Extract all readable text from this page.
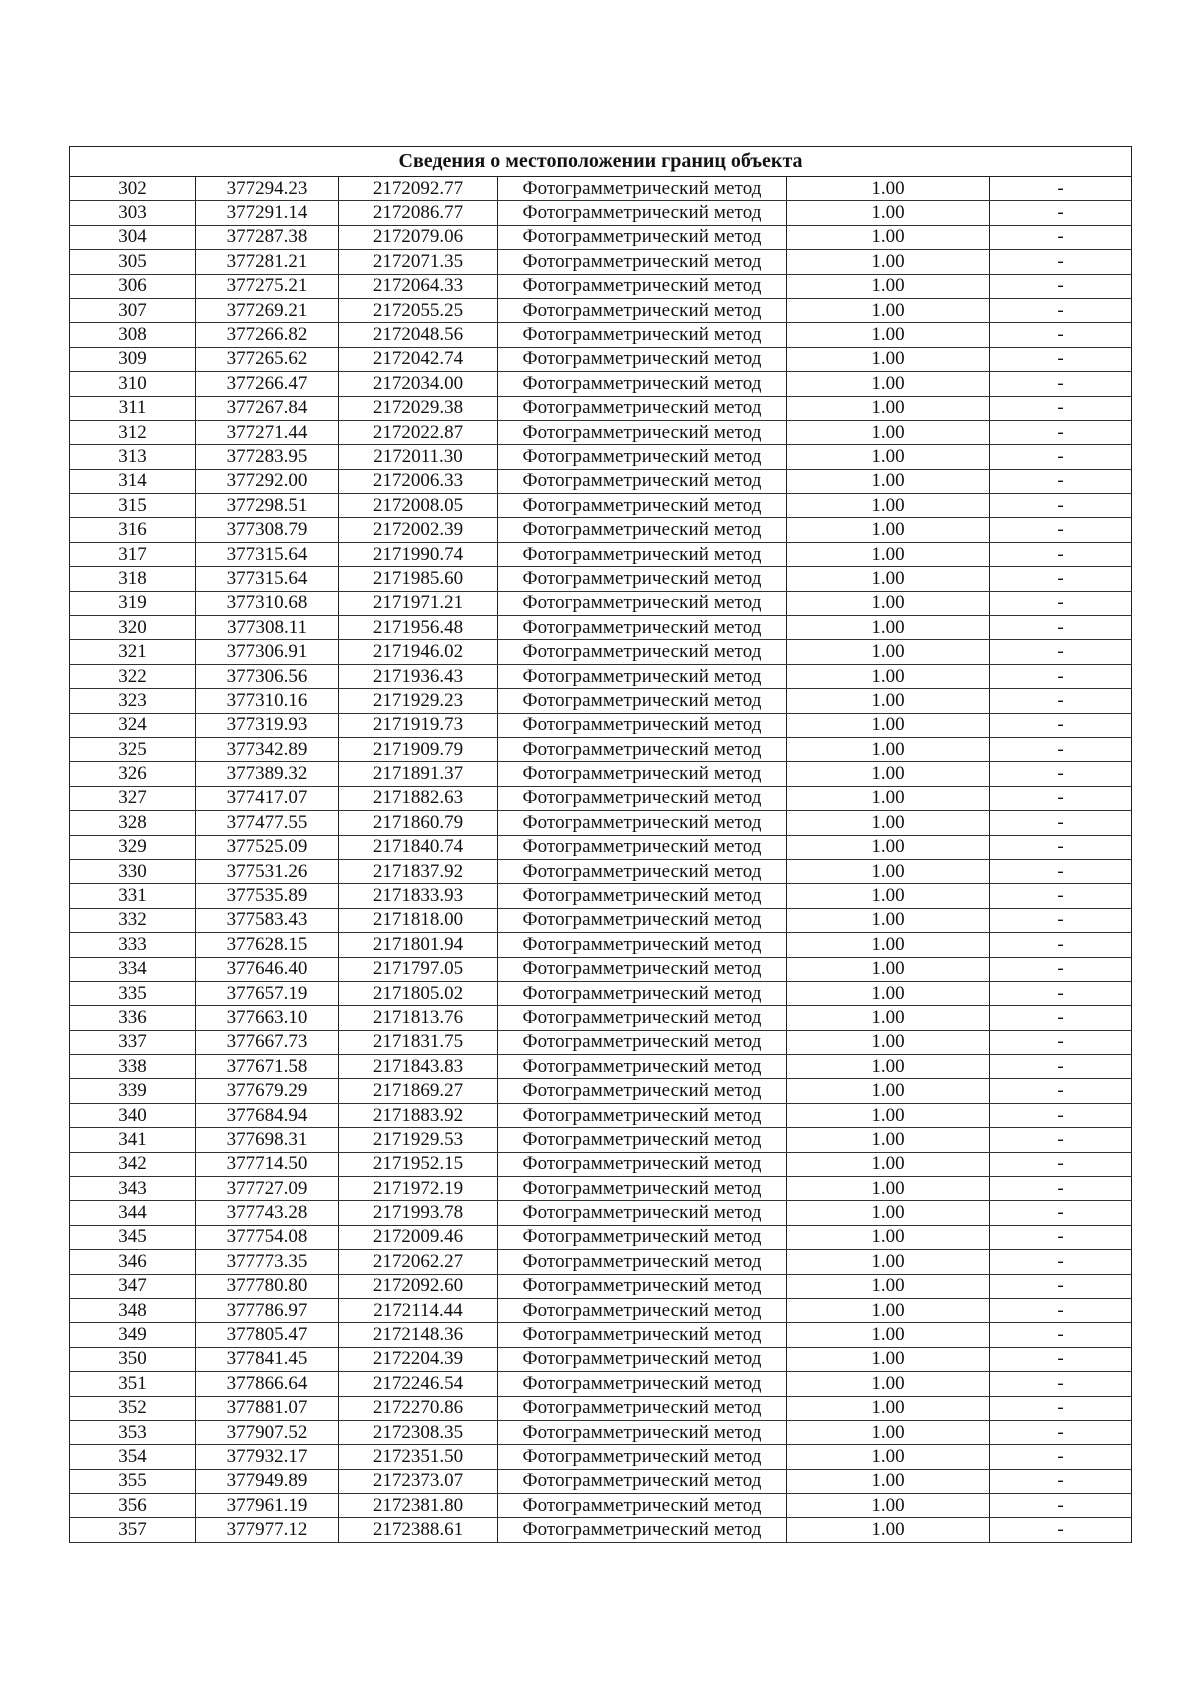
Сведения о местоположении границ объекта					
302	377294.23	2172092.77	Фотограмметрический метод	1.00	-
303	377291.14	2172086.77	Фотограмметрический метод	1.00	-
304	377287.38	2172079.06	Фотограмметрический метод	1.00	-
305	377281.21	2172071.35	Фотограмметрический метод	1.00	-
306	377275.21	2172064.33	Фотограмметрический метод	1.00	-
307	377269.21	2172055.25	Фотограмметрический метод	1.00	-
308	377266.82	2172048.56	Фотограмметрический метод	1.00	-
309	377265.62	2172042.74	Фотограмметрический метод	1.00	-
310	377266.47	2172034.00	Фотограмметрический метод	1.00	-
311	377267.84	2172029.38	Фотограмметрический метод	1.00	-
312	377271.44	2172022.87	Фотограмметрический метод	1.00	-
313	377283.95	2172011.30	Фотограмметрический метод	1.00	-
314	377292.00	2172006.33	Фотограмметрический метод	1.00	-
315	377298.51	2172008.05	Фотограмметрический метод	1.00	-
316	377308.79	2172002.39	Фотограмметрический метод	1.00	-
317	377315.64	2171990.74	Фотограмметрический метод	1.00	-
318	377315.64	2171985.60	Фотограмметрический метод	1.00	-
319	377310.68	2171971.21	Фотограмметрический метод	1.00	-
320	377308.11	2171956.48	Фотограмметрический метод	1.00	-
321	377306.91	2171946.02	Фотограмметрический метод	1.00	-
322	377306.56	2171936.43	Фотограмметрический метод	1.00	-
323	377310.16	2171929.23	Фотограмметрический метод	1.00	-
324	377319.93	2171919.73	Фотограмметрический метод	1.00	-
325	377342.89	2171909.79	Фотограмметрический метод	1.00	-
326	377389.32	2171891.37	Фотограмметрический метод	1.00	-
327	377417.07	2171882.63	Фотограмметрический метод	1.00	-
328	377477.55	2171860.79	Фотограмметрический метод	1.00	-
329	377525.09	2171840.74	Фотограмметрический метод	1.00	-
330	377531.26	2171837.92	Фотограмметрический метод	1.00	-
331	377535.89	2171833.93	Фотограмметрический метод	1.00	-
332	377583.43	2171818.00	Фотограмметрический метод	1.00	-
333	377628.15	2171801.94	Фотограмметрический метод	1.00	-
334	377646.40	2171797.05	Фотограмметрический метод	1.00	-
335	377657.19	2171805.02	Фотограмметрический метод	1.00	-
336	377663.10	2171813.76	Фотограмметрический метод	1.00	-
337	377667.73	2171831.75	Фотограмметрический метод	1.00	-
338	377671.58	2171843.83	Фотограмметрический метод	1.00	-
339	377679.29	2171869.27	Фотограмметрический метод	1.00	-
340	377684.94	2171883.92	Фотограмметрический метод	1.00	-
341	377698.31	2171929.53	Фотограмметрический метод	1.00	-
342	377714.50	2171952.15	Фотограмметрический метод	1.00	-
343	377727.09	2171972.19	Фотограмметрический метод	1.00	-
344	377743.28	2171993.78	Фотограмметрический метод	1.00	-
345	377754.08	2172009.46	Фотограмметрический метод	1.00	-
346	377773.35	2172062.27	Фотограмметрический метод	1.00	-
347	377780.80	2172092.60	Фотограмметрический метод	1.00	-
348	377786.97	2172114.44	Фотограмметрический метод	1.00	-
349	377805.47	2172148.36	Фотограмметрический метод	1.00	-
350	377841.45	2172204.39	Фотограмметрический метод	1.00	-
351	377866.64	2172246.54	Фотограмметрический метод	1.00	-
352	377881.07	2172270.86	Фотограмметрический метод	1.00	-
353	377907.52	2172308.35	Фотограмметрический метод	1.00	-
354	377932.17	2172351.50	Фотограмметрический метод	1.00	-
355	377949.89	2172373.07	Фотограмметрический метод	1.00	-
356	377961.19	2172381.80	Фотограмметрический метод	1.00	-
357	377977.12	2172388.61	Фотограмметрический метод	1.00	-
